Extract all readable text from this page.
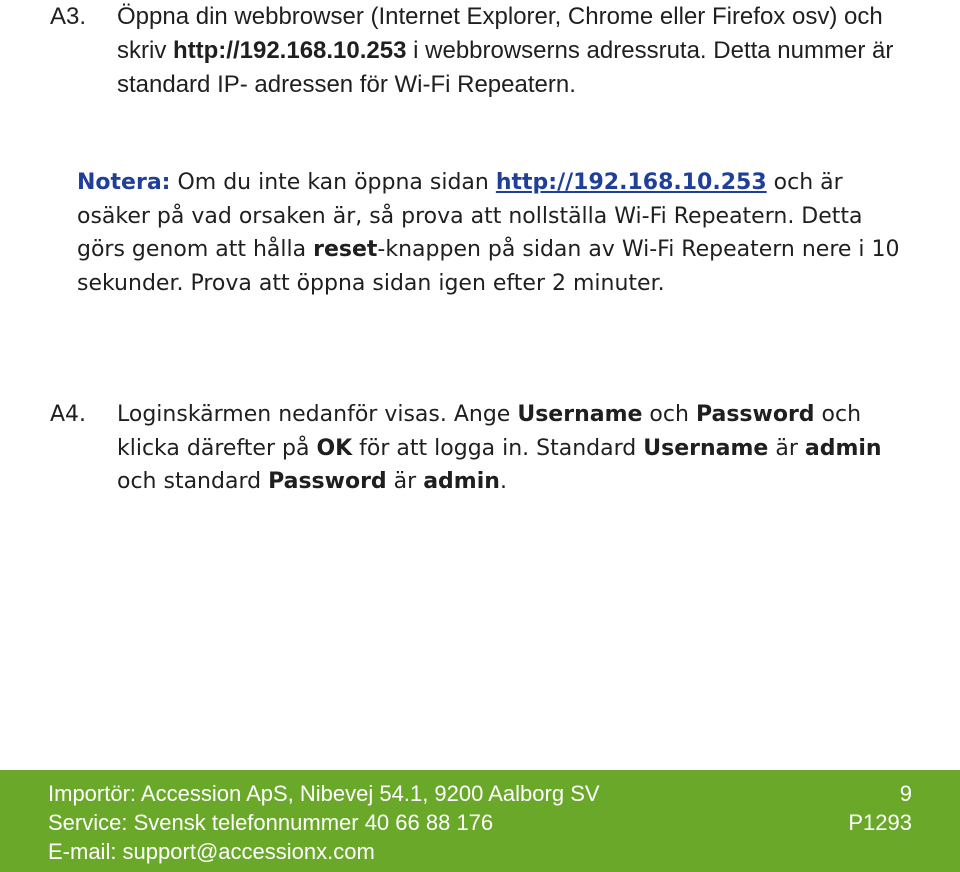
A3. Öppna din webbrowser (Internet Explorer, Chrome eller Firefox osv) och skriv http://192.168.10.253 i webbrowserns adressruta. Detta nummer är standard IP- adressen för Wi-Fi Repeatern.
Notera: Om du inte kan öppna sidan http://192.168.10.253 och är osäker på vad orsaken är, så prova att nollställa Wi-Fi Repeatern. Detta görs genom att hålla reset-knappen på sidan av Wi-Fi Repeatern nere i 10 sekunder. Prova att öppna sidan igen efter 2 minuter.
A4. Loginskärmen nedanför visas. Ange Username och Password och klicka därefter på OK för att logga in. Standard Username är admin och standard Password är admin.
Importör: Accession ApS, Nibevej 54.1, 9200 Aalborg SV
Service: Svensk telefonnummer 40 66 88 176
E-mail: support@accessionx.com
9
P1293
